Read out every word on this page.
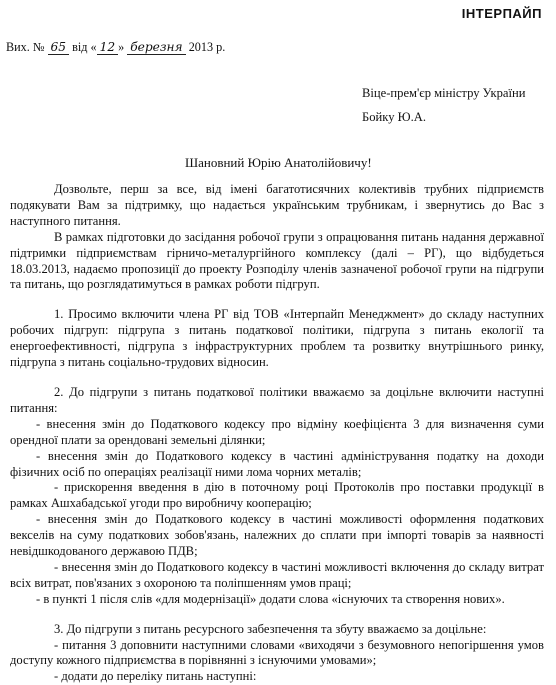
ІНТЕРПАЙП
Вих. № 65 від « 12 » березня 2013 р.
Віце-прем'єр міністру України
Бойку Ю.А.
Шановний Юрію Анатолійовичу!
Дозвольте, перш за все, від імені багатотисячних колективів трубних підприємств подякувати Вам за підтримку, що надається українським трубникам, і звернутись до Вас з наступного питання.
В рамках підготовки до засідання робочої групи з опрацювання питань надання державної підтримки підприємствам гірничо-металургійного комплексу (далі – РГ), що відбудеться 18.03.2013, надаємо пропозиції до проекту Розподілу членів зазначеної робочої групи на підгрупи та питань, що розглядатимуться в рамках роботи підгруп.
1. Просимо включити члена РГ від ТОВ «Інтерпайп Менеджмент» до складу наступних робочих підгруп: підгрупа з питань податкової політики, підгрупа з питань екології та енергоефективності, підгрупа з інфраструктурних проблем та розвитку внутрішнього ринку, підгрупа з питань соціально-трудових відносин.
2. До підгрупи з питань податкової політики вважаємо за доцільне включити наступні питання:
- внесення змін до Податкового кодексу про відміну коефіцієнта 3 для визначення суми орендної плати за орендовані земельні ділянки;
- внесення змін до Податкового кодексу в частині адміністрування податку на доходи фізичних осіб по операціях реалізації ними лома чорних металів;
- прискорення введення в дію в поточному році Протоколів про поставки продукції в рамках Ашхабадської угоди про виробничу кооперацію;
- внесення змін до Податкового кодексу в частині можливості оформлення податкових векселів на суму податкових зобов'язань, належних до сплати при імпорті товарів за наявності невідшкодованого державою ПДВ;
- внесення змін до Податкового кодексу в частині можливості включення до складу витрат всіх витрат, пов'язаних з охороною та поліпшенням умов праці;
- в пункті 1 після слів «для модернізації» додати слова «існуючих та створення нових».
3. До підгрупи з питань ресурсного забезпечення та збуту вважаємо за доцільне:
- питання 3 доповнити наступними словами «виходячи з безумовного непогіршення умов доступу кожного підприємства в порівнянні з існуючими умовами»;
- додати до переліку питань наступні:
